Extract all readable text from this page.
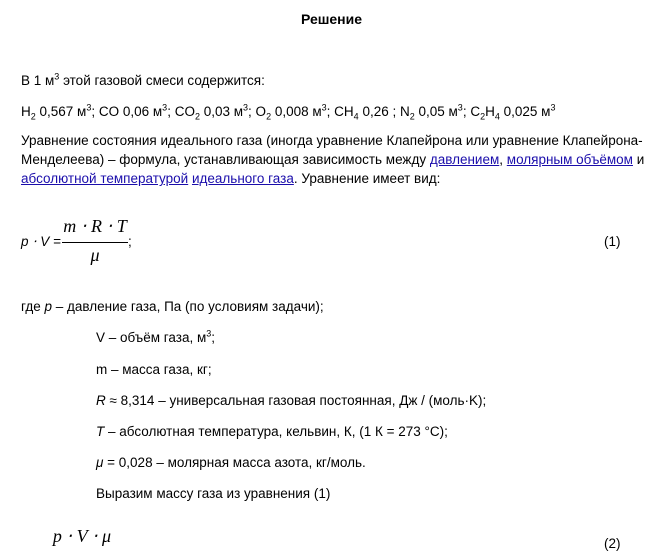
Решение
В 1 $м^3$ этой газовой смеси содержится:
$H_2$ 0,567 $м^3$; CO 0,06 $м^3$; $CO_2$ 0,03 $м^3$; $O_2$ 0,008 $м^3$; $CH_4$ 0,26 ; $N_2$ 0,05 $м^3$; $C_2H_4$ 0,025 $м^3$
Уравнение состояния идеального газа (иногда уравнение Клапейрона или уравнение Клапейрона-
Менделеева) – формула, устанавливающая зависимость между давлением, молярным объёмом и
абсолютной температурой идеального газа. Уравнение имеет вид:
p ⋅ V =
m ⋅ R ⋅ T
μ
;	(1)
где p – давление газа, Па (по условиям задачи);
V – объём газа, $м^3$;
m – масса газа, кг;
R ≈ 8,314 – универсальная газовая постоянная, Дж / (моль·K);
T – абсолютная температура, кельвин, К, (1 К = 273 °C);
μ = 0,028 – молярная масса азота, кг/моль.
Выразим массу газа из уравнения (1)
p ⋅ V ⋅ μ	(2)
